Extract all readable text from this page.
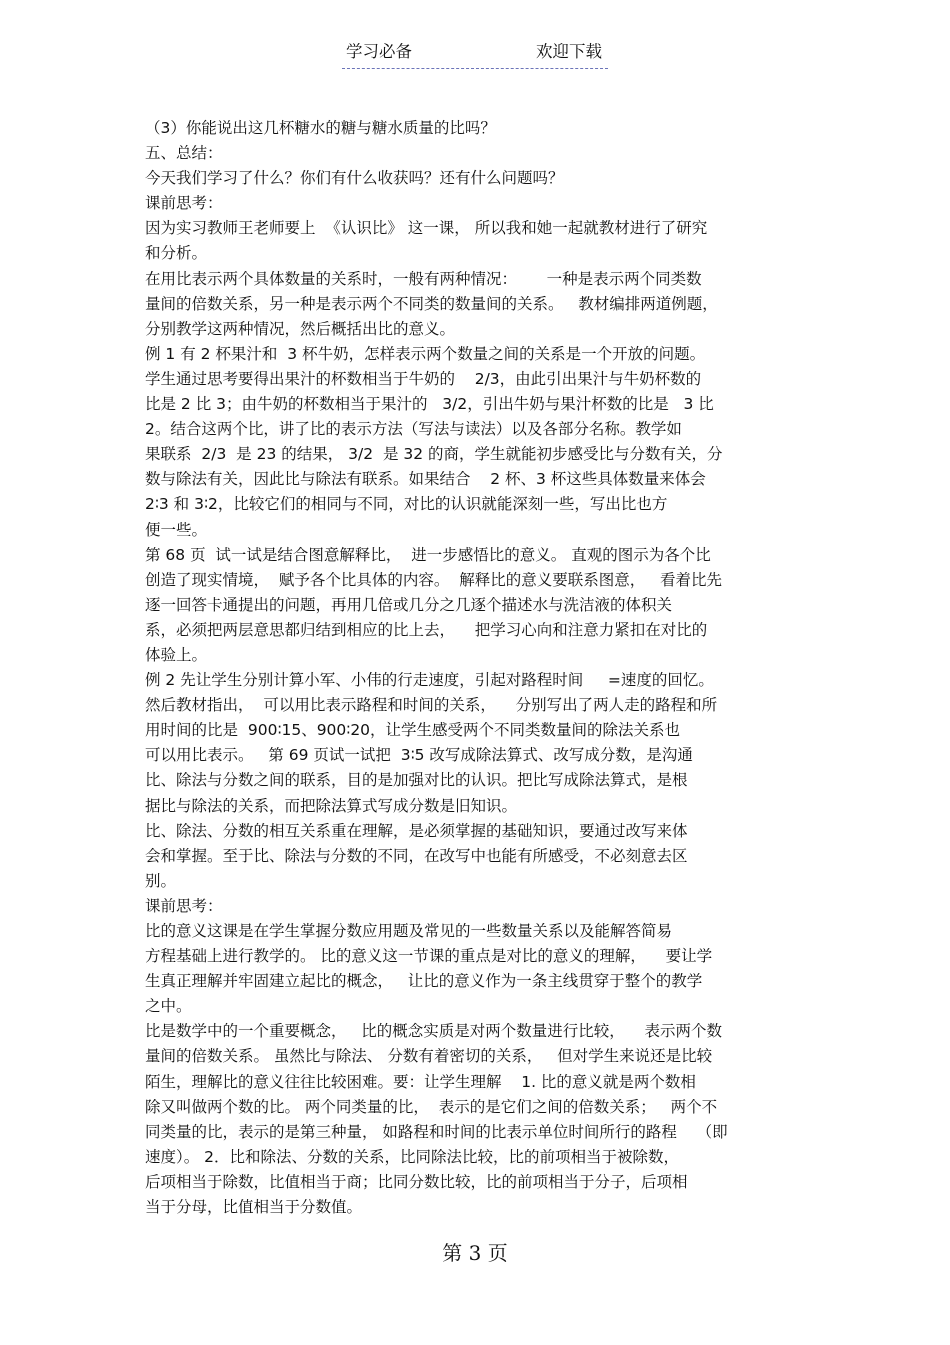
学习必备	欢迎下载
（3）你能说出这几杯糖水的糖与糖水质量的比吗？
五、总结：
今天我们学习了什么？你们有什么收获吗？还有什么问题吗？
课前思考：
因为实习教师王老师要上  《认识比》 这一课， 所以我和她一起就教材进行了研究
和分析。
在用比表示两个具体数量的关系时，一般有两种情况：      一种是表示两个同类数
量间的倍数关系，另一种是表示两个不同类的数量间的关系。   教材编排两道例题，
分别教学这两种情况，然后概括出比的意义。
例 1 有 2 杯果汁和  3 杯牛奶，怎样表示两个数量之间的关系是一个开放的问题。
学生通过思考要得出果汁的杯数相当于牛奶的    2/3，由此引出果汁与牛奶杯数的
比是 2 比 3；由牛奶的杯数相当于果汁的   3/2，引出牛奶与果汁杯数的比是   3 比
2。结合这两个比，讲了比的表示方法（写法与读法）以及各部分名称。教学如
果联系  2/3  是 23 的结果， 3/2  是 32 的商，学生就能初步感受比与分数有关，分
数与除法有关，因此比与除法有联系。如果结合    2 杯、3 杯这些具体数量来体会
2∶3 和 3∶2，比较它们的相同与不同，对比的认识就能深刻一些，写出比也方
便一些。
第 68 页  试一试是结合图意解释比，  进一步感悟比的意义。 直观的图示为各个比
创造了现实情境，  赋予各个比具体的内容。  解释比的意义要联系图意，   看着比先
逐一回答卡通提出的问题，再用几倍或几分之几逐个描述水与洗洁液的体积关
系，必须把两层意思都归结到相应的比上去，    把学习心向和注意力紧扣在对比的
体验上。
例 2 先让学生分别计算小军、小伟的行走速度，引起对路程时间     =速度的回忆。
然后教材指出，  可以用比表示路程和时间的关系，    分别写出了两人走的路程和所
用时间的比是  900∶15、900∶20，让学生感受两个不同类数量间的除法关系也
可以用比表示。   第 69 页试一试把  3∶5 改写成除法算式、改写成分数，是沟通
比、除法与分数之间的联系，目的是加强对比的认识。把比写成除法算式，是根
据比与除法的关系，而把除法算式写成分数是旧知识。
比、除法、分数的相互关系重在理解，是必须掌握的基础知识，要通过改写来体
会和掌握。至于比、除法与分数的不同，在改写中也能有所感受，不必刻意去区
别。
课前思考：
比的意义这课是在学生掌握分数应用题及常见的一些数量关系以及能解答简易
方程基础上进行教学的。 比的意义这一节课的重点是对比的意义的理解，    要让学
生真正理解并牢固建立起比的概念，   让比的意义作为一条主线贯穿于整个的教学
之中。
比是数学中的一个重要概念，   比的概念实质是对两个数量进行比较，    表示两个数
量间的倍数关系。 虽然比与除法、 分数有着密切的关系，   但对学生来说还是比较
陌生，理解比的意义往往比较困难。要：让学生理解    1. 比的意义就是两个数相
除又叫做两个数的比。 两个同类量的比，  表示的是它们之间的倍数关系；   两个不
同类量的比，表示的是第三种量， 如路程和时间的比表示单位时间所行的路程    （即
速度）。 2．比和除法、分数的关系，比同除法比较，比的前项相当于被除数，
后项相当于除数，比值相当于商；比同分数比较，比的前项相当于分子，后项相
当于分母，比值相当于分数值。
第 3 页
